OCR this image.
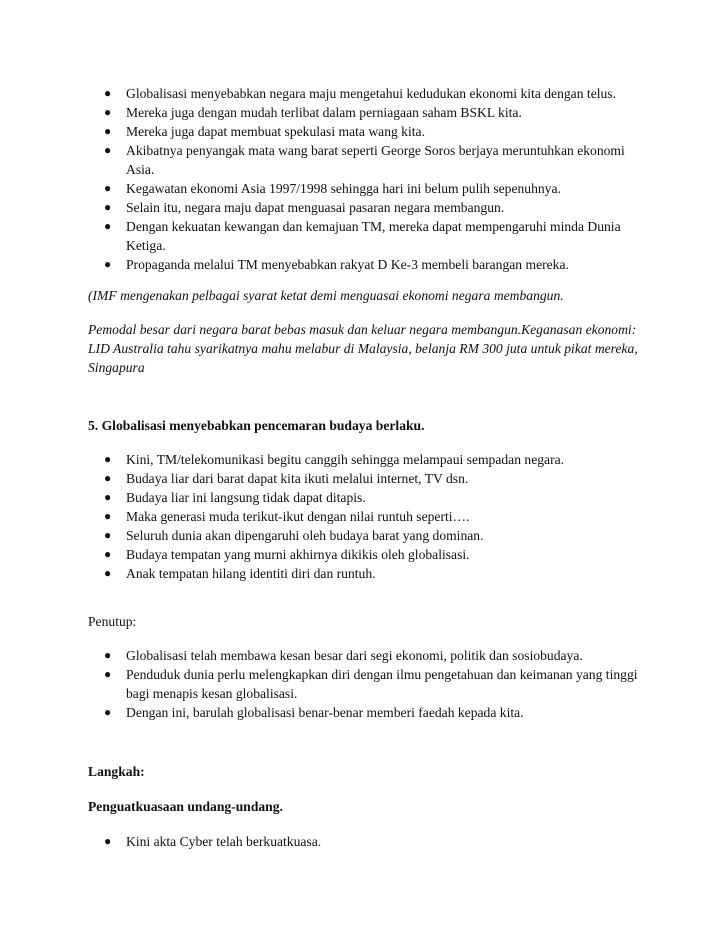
● Globalisasi menyebabkan negara maju mengetahui kedudukan ekonomi kita dengan telus.
● Mereka juga dengan mudah terlibat dalam perniagaan saham BSKL kita.
● Mereka juga dapat membuat spekulasi mata wang kita.
● Akibatnya penyangak mata wang barat seperti George Soros berjaya meruntuhkan ekonomi Asia.
● Kegawatan ekonomi Asia 1997/1998 sehingga hari ini belum pulih sepenuhnya.
● Selain itu, negara maju dapat menguasai pasaran negara membangun.
● Dengan kekuatan kewangan dan kemajuan TM, mereka dapat mempengaruhi minda Dunia Ketiga.
● Propaganda melalui TM menyebabkan rakyat D Ke-3 membeli barangan mereka.

(IMF mengenakan pelbagai syarat ketat demi menguasai ekonomi negara membangun.

Pemodal besar dari negara barat bebas masuk dan keluar negara membangun.Keganasan ekonomi: LID Australia tahu syarikatnya mahu melabur di Malaysia, belanja RM 300 juta untuk pikat mereka, Singapura

5. Globalisasi menyebabkan pencemaran budaya berlaku.

● Kini, TM/telekomunikasi begitu canggih sehingga melampaui sempadan negara.
● Budaya liar dari barat dapat kita ikuti melalui internet, TV dsn.
● Budaya liar ini langsung tidak dapat ditapis.
● Maka generasi muda terikut-ikut dengan nilai runtuh seperti….
● Seluruh dunia akan dipengaruhi oleh budaya barat yang dominan.
● Budaya tempatan yang murni akhirnya dikikis oleh globalisasi.
● Anak tempatan hilang identiti diri dan runtuh.

Penutup:

● Globalisasi telah membawa kesan besar dari segi ekonomi, politik dan sosiobudaya.
● Penduduk dunia perlu melengkapkan diri dengan ilmu pengetahuan dan keimanan yang tinggi bagi menapis kesan globalisasi.
● Dengan ini, barulah globalisasi benar-benar memberi faedah kepada kita.

Langkah:

Penguatkuasaan undang-undang.

● Kini akta Cyber telah berkuatkuasa.
